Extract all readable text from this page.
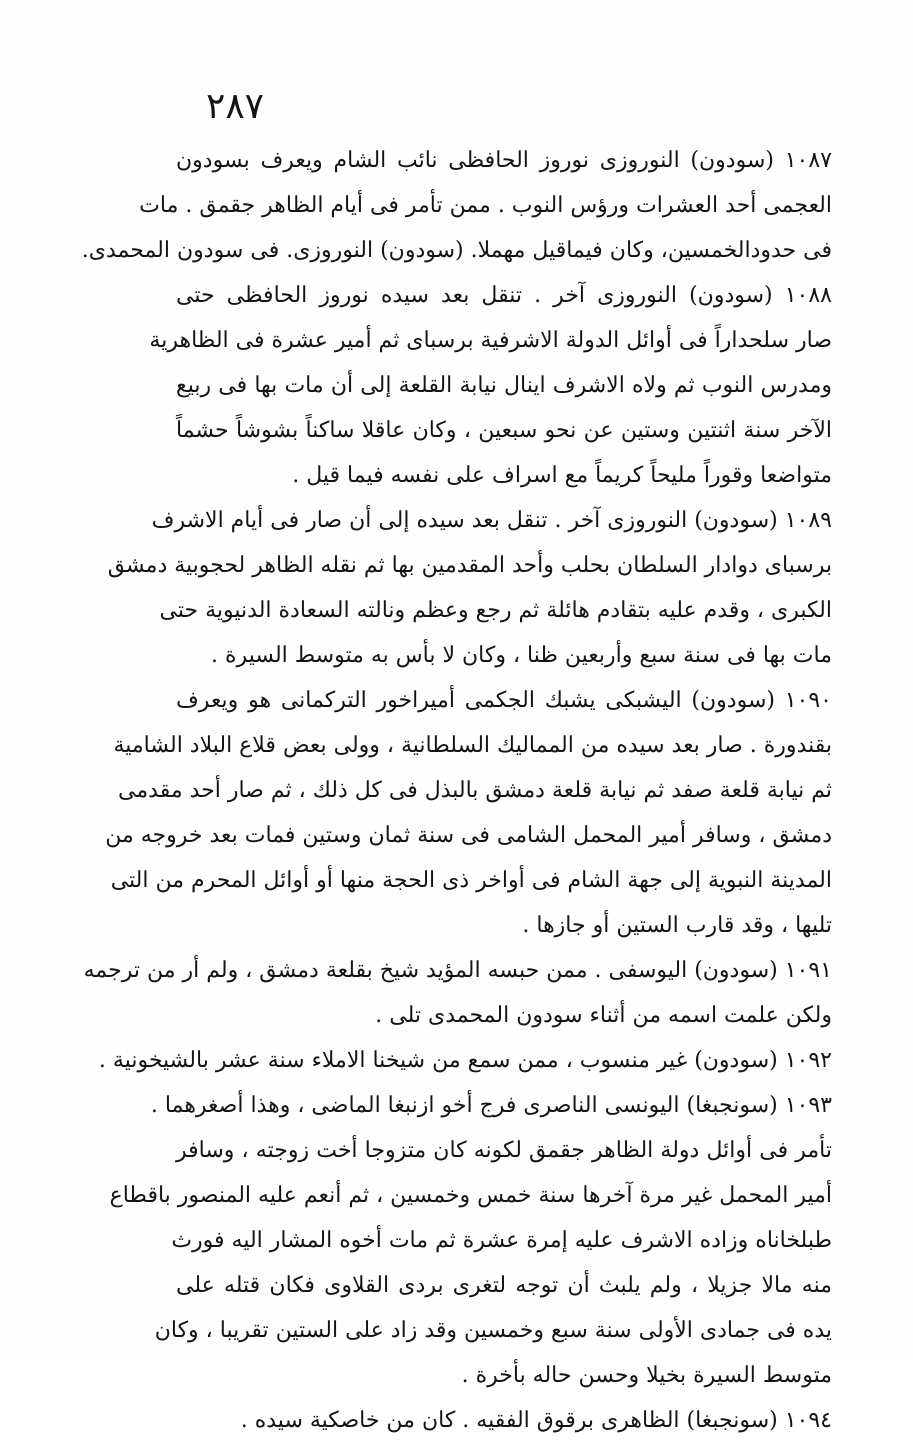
٢٨٧
١٠٨٧ (سودون) النوروزى نوروز الحافظى نائب الشام ويعرف بسودون
العجمى أحد العشرات ورؤس النوب . ممن تأمر فى أيام الظاهر جقمق . مات
فى حدودالخمسين، وكان فيماقيل مهملا. (سودون) النوروزى. فى سودون المحمدى.
١٠٨٨ (سودون) النوروزى آخر . تنقل بعد سيده نوروز الحافظى حتى
صار سلحداراً فى أوائل الدولة الاشرفية برسباى ثم أمير عشرة فى الظاهرية
ومدرس النوب ثم ولاه الاشرف اينال نيابة القلعة إلى أن مات بها فى ربيع
الآخر سنة اثنتين وستين عن نحو سبعين ، وكان عاقلا ساكناً بشوشاً حشماً
متواضعا وقوراً مليحاً كريماً مع اسراف على نفسه فيما قيل .
١٠٨٩ (سودون) النوروزى آخر . تنقل بعد سيده إلى أن صار فى أيام الاشرف
برسباى دوادار السلطان بحلب وأحد المقدمين بها ثم نقله الظاهر لحجوبية دمشق
الكبرى ، وقدم عليه بتقادم هائلة ثم رجع وعظم ونالته السعادة الدنيوية حتى
مات بها فى سنة سبع وأربعين ظنا ، وكان لا بأس به متوسط السيرة .
١٠٩٠ (سودون) اليشبكى يشبك الجكمى أميراخور التركمانى هو ويعرف
بقندورة . صار بعد سيده من المماليك السلطانية ، وولى بعض قلاع البلاد الشامية
ثم نيابة قلعة صفد ثم نيابة قلعة دمشق بالبذل فى كل ذلك ، ثم صار أحد مقدمى
دمشق ، وسافر أمير المحمل الشامى فى سنة ثمان وستين فمات بعد خروجه من
المدينة النبوية إلى جهة الشام فى أواخر ذى الحجة منها أو أوائل المحرم من التى
تليها ، وقد قارب الستين أو جازها .
١٠٩١ (سودون) اليوسفى . ممن حبسه المؤيد شيخ بقلعة دمشق ، ولم أر من ترجمه
ولكن علمت اسمه من أثناء سودون المحمدى تلى .
١٠٩٢ (سودون) غير منسوب ، ممن سمع من شيخنا الاملاء سنة عشر بالشيخونية .
١٠٩٣ (سونجبغا) اليونسى الناصرى فرج أخو ازنبغا الماضى ، وهذا أصغرهما .
تأمر فى أوائل دولة الظاهر جقمق لكونه كان متزوجا أخت زوجته ، وسافر
أمير المحمل غير مرة آخرها سنة خمس وخمسين ، ثم أنعم عليه المنصور باقطاع
طبلخاناه وزاده الاشرف عليه إمرة عشرة ثم مات أخوه المشار اليه فورث
منه مالا جزيلا ، ولم يلبث أن توجه لتغرى بردى القلاوى فكان قتله على
يده فى جمادى الأولى سنة سبع وخمسين وقد زاد على الستين تقريبا ، وكان
متوسط السيرة بخيلا وحسن حاله بأخرة .
١٠٩٤ (سونجبغا) الظاهرى برقوق الفقيه . كان من خاصكية سيده .
